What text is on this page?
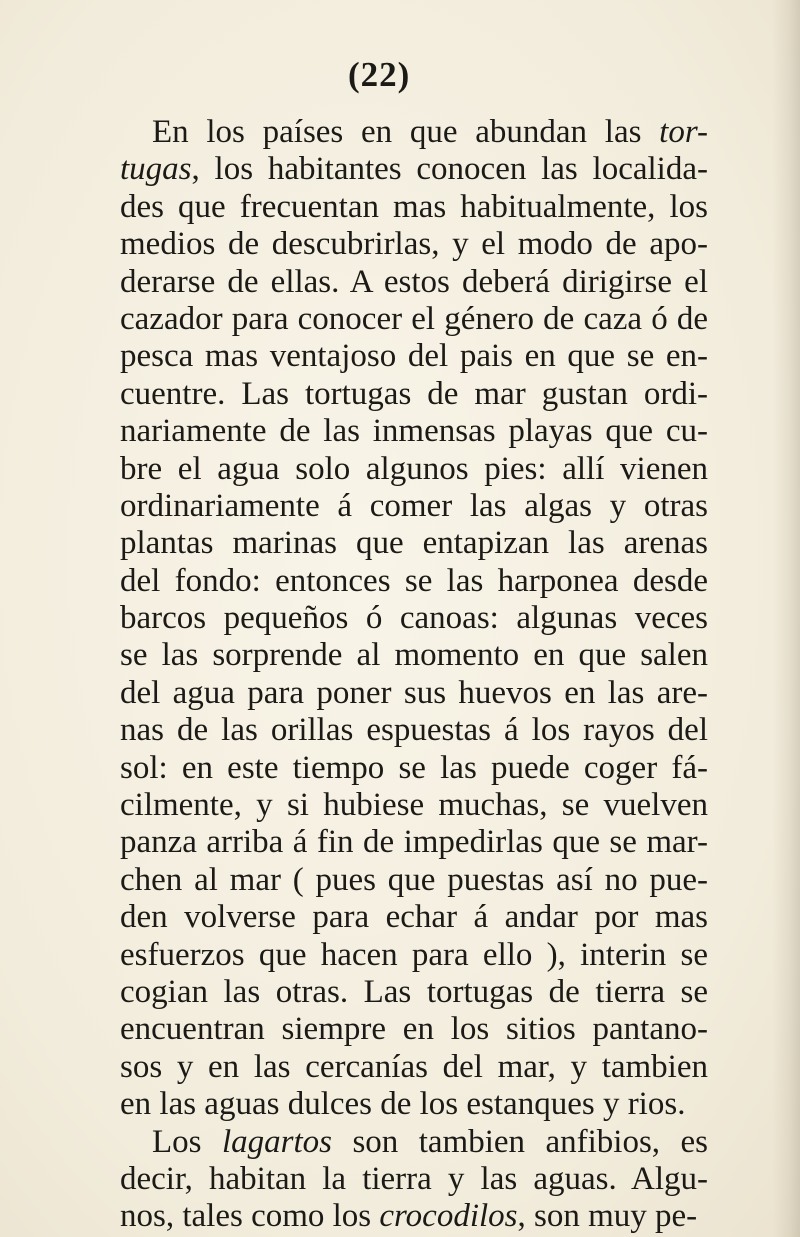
(22)
En los países en que abundan las tor-
tugas, los habitantes conocen las localida-
des que frecuentan mas habitualmente, los
medios de descubrirlas, y el modo de apo-
derarse de ellas. A estos deberá dirigirse el
cazador para conocer el género de caza ó de
pesca mas ventajoso del pais en que se en-
cuentre. Las tortugas de mar gustan ordi-
nariamente de las inmensas playas que cu-
bre el agua solo algunos pies: allí vienen
ordinariamente á comer las algas y otras
plantas marinas que entapizan las arenas
del fondo: entonces se las harponea desde
barcos pequeños ó canoas: algunas veces
se las sorprende al momento en que salen
del agua para poner sus huevos en las are-
nas de las orillas espuestas á los rayos del
sol: en este tiempo se las puede coger fá-
cilmente, y si hubiese muchas, se vuelven
panza arriba á fin de impedirlas que se mar-
chen al mar ( pues que puestas así no pue-
den volverse para echar á andar por mas
esfuerzos que hacen para ello ), interin se
cogian las otras. Las tortugas de tierra se
encuentran siempre en los sitios pantano-
sos y en las cercanías del mar, y tambien
en las aguas dulces de los estanques y rios.
Los lagartos son tambien anfibios, es
decir, habitan la tierra y las aguas. Algu-
nos, tales como los crocodilos, son muy pe-
